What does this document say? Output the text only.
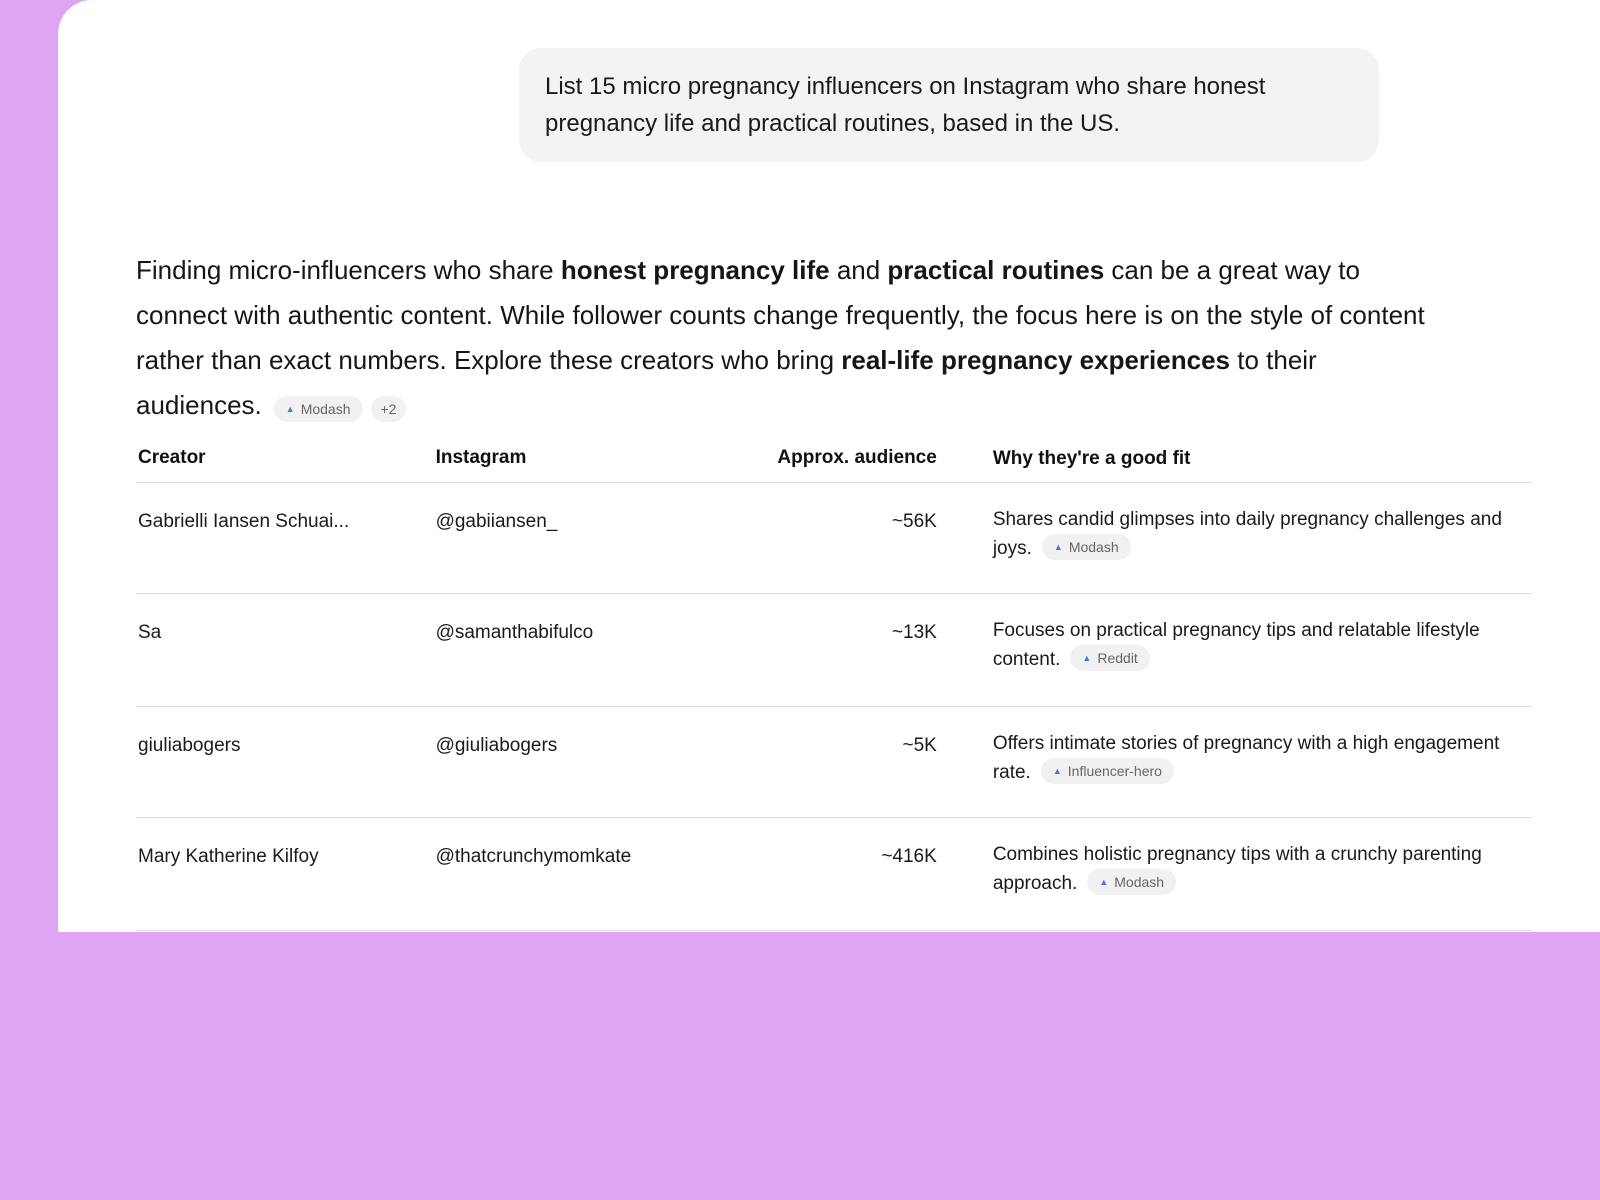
List 15 micro pregnancy influencers on Instagram who share honest pregnancy life and practical routines, based in the US.
Finding micro-influencers who share honest pregnancy life and practical routines can be a great way to connect with authentic content. While follower counts change frequently, the focus here is on the style of content rather than exact numbers. Explore these creators who bring real-life pregnancy experiences to their audiences.	▲ Modash	+2
Creator	Instagram	Approx. audience	Why they're a good fit
Gabrielli Iansen Schuai...	@gabiiansen_	~56K	Shares candid glimpses into daily pregnancy challenges and joys. ▲ Modash
Sa	@samanthabifulco	~13K	Focuses on practical pregnancy tips and relatable lifestyle content. ▲ Reddit
giuliabogers	@giuliabogers	~5K	Offers intimate stories of pregnancy with a high engagement rate. ▲ Influencer-hero
Mary Katherine Kilfoy	@thatcrunchymomkate	~416K	Combines holistic pregnancy tips with a crunchy parenting approach. ▲ Modash
